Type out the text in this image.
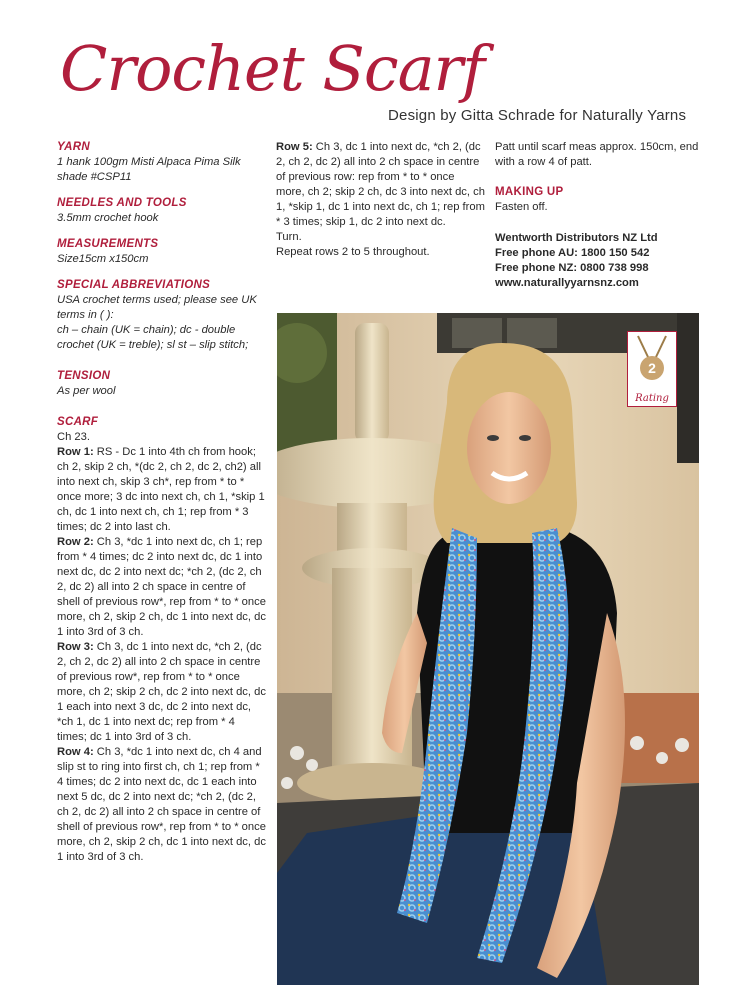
Crochet Scarf
Design by Gitta Schrade for Naturally Yarns
YARN
1 hank 100gm Misti Alpaca Pima Silk shade #CSP11
NEEDLES AND TOOLS
3.5mm crochet hook
MEASUREMENTS
Size15cm x150cm
SPECIAL ABBREVIATIONS
USA crochet terms used; please see UK terms in ( ):
ch – chain (UK = chain); dc - double crochet (UK = treble); sl st – slip stitch;
TENSION
As per wool
SCARF
Ch 23.
Row 1: RS - Dc 1 into 4th ch from hook; ch 2, skip 2 ch, *(dc 2, ch 2, dc 2, ch2) all into next ch, skip 3 ch*, rep from * to * once more; 3 dc into next ch, ch 1, *skip 1 ch, dc 1 into next ch, ch 1; rep from * 3 times; dc 2 into last ch.
Row 2: Ch 3, *dc 1 into next dc, ch 1; rep from * 4 times; dc 2 into next dc, dc 1 into next dc, dc 2 into next dc; *ch 2, (dc 2, ch 2, dc 2) all into 2 ch space in centre of shell of previous row*, rep from * to * once more, ch 2, skip 2 ch, dc 1 into next dc, dc 1 into 3rd of 3 ch.
Row 3: Ch 3, dc 1 into next dc, *ch 2, (dc 2, ch 2, dc 2) all into 2 ch space in centre of previous row*, rep from * to * once more, ch 2; skip 2 ch, dc 2 into next dc, dc 1 each into next 3 dc, dc 2 into next dc, *ch 1, dc 1 into next dc; rep from * 4 times; dc 1 into 3rd of 3 ch.
Row 4: Ch 3, *dc 1 into next dc, ch 4 and slip st to ring into first ch, ch 1; rep from * 4 times; dc 2 into next dc, dc 1 each into next 5 dc, dc 2 into next dc; *ch 2, (dc 2, ch 2, dc 2) all into 2 ch space in centre of shell of previous row*, rep from * to * once more, ch 2, skip 2 ch, dc 1 into next dc, dc 1 into 3rd of 3 ch.
Row 5: Ch 3, dc 1 into next dc, *ch 2, (dc 2, ch 2, dc 2) all into 2 ch space in centre of previous row: rep from * to * once more, ch 2; skip 2 ch, dc 3 into next dc, ch 1, *skip 1, dc 1 into next dc, ch 1; rep from * 3 times; skip 1, dc 2 into next dc.
Turn.
Repeat rows 2 to 5 throughout.
Patt until scarf meas approx. 150cm, end with a row 4 of patt.
MAKING UP
Fasten off.
Wentworth Distributors NZ Ltd
Free phone AU: 1800 150 542
Free phone NZ: 0800 738 998
www.naturallyyarnsnz.com
2
Rating
